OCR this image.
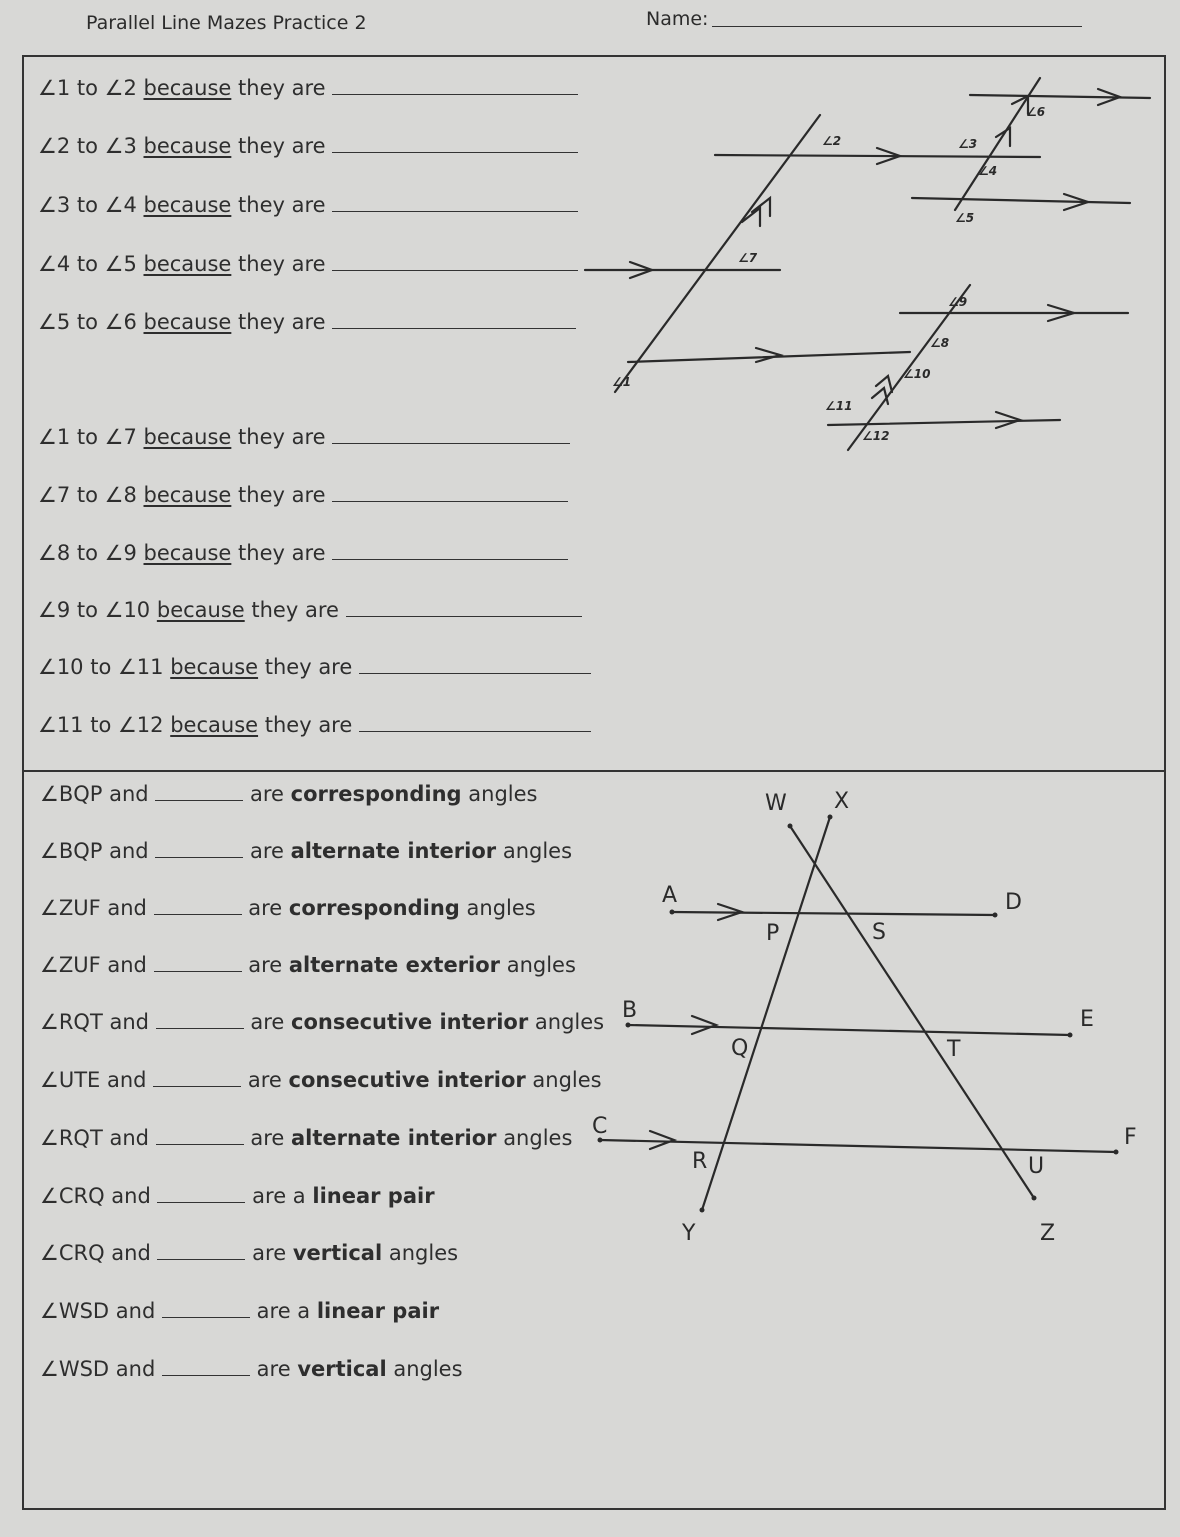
Parallel Line Mazes Practice 2	Name:
∠1 to ∠2 because they are
∠2 to ∠3 because they are
∠3 to ∠4 because they are
∠4 to ∠5 because they are
∠5 to ∠6 because they are
∠1 to ∠7 because they are
∠7 to ∠8 because they are
∠8 to ∠9 because they are
∠9 to ∠10 because they are
∠10 to ∠11 because they are
∠11 to ∠12 because they are
∠BQP and	are corresponding angles
∠BQP and	are alternate interior angles
∠ZUF and	are corresponding angles
∠ZUF and	are alternate exterior angles
∠RQT and	are consecutive interior angles
∠UTE and	are consecutive interior angles
∠RQT and	are alternate interior angles
∠CRQ and	are a linear pair
∠CRQ and	are vertical angles
∠WSD and	are a linear pair
∠WSD and	are vertical angles
∠1
∠2	∠3
∠4
∠5
∠6
∠7
∠8
∠9
∠10
∠11
∠12
W X
A	D
P	S
B	E
Q	T
C	F
R	U
Y	Z
